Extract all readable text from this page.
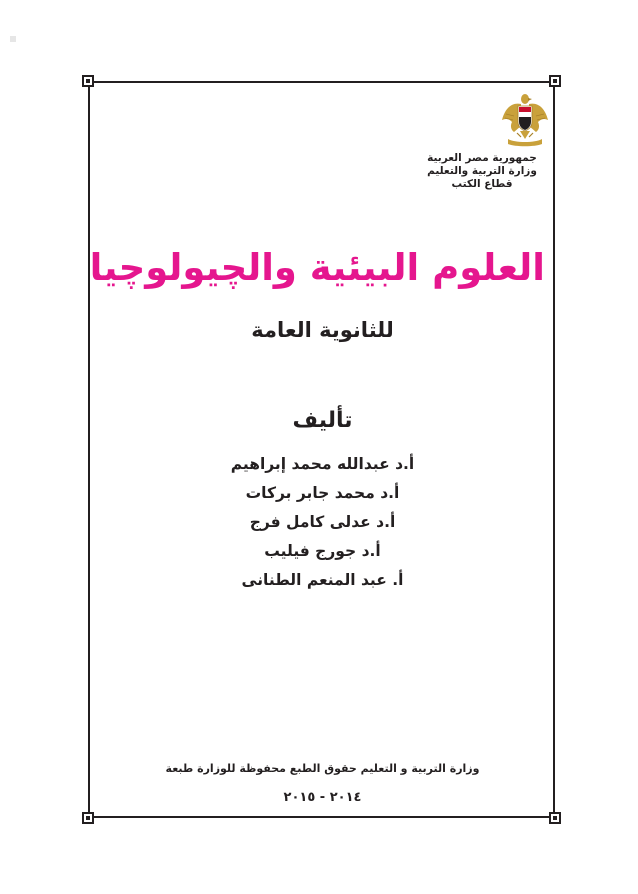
جمهورية مصر العربية
وزارة التربية والتعليم
قطاع الكتب
العلوم البيئية والچيولوچيا
للثانوية العامة
تأليف
أ.د عبدالله محمد إبراهيم
أ.د محمد جابر بركات
أ.د عدلى كامل فرج
أ.د جورج فيليب
أ. عبد المنعم الطنانى
وزارة التربية و التعليم حقوق الطبع محفوظة للوزارة طبعة
٢٠١٤ - ٢٠١٥
